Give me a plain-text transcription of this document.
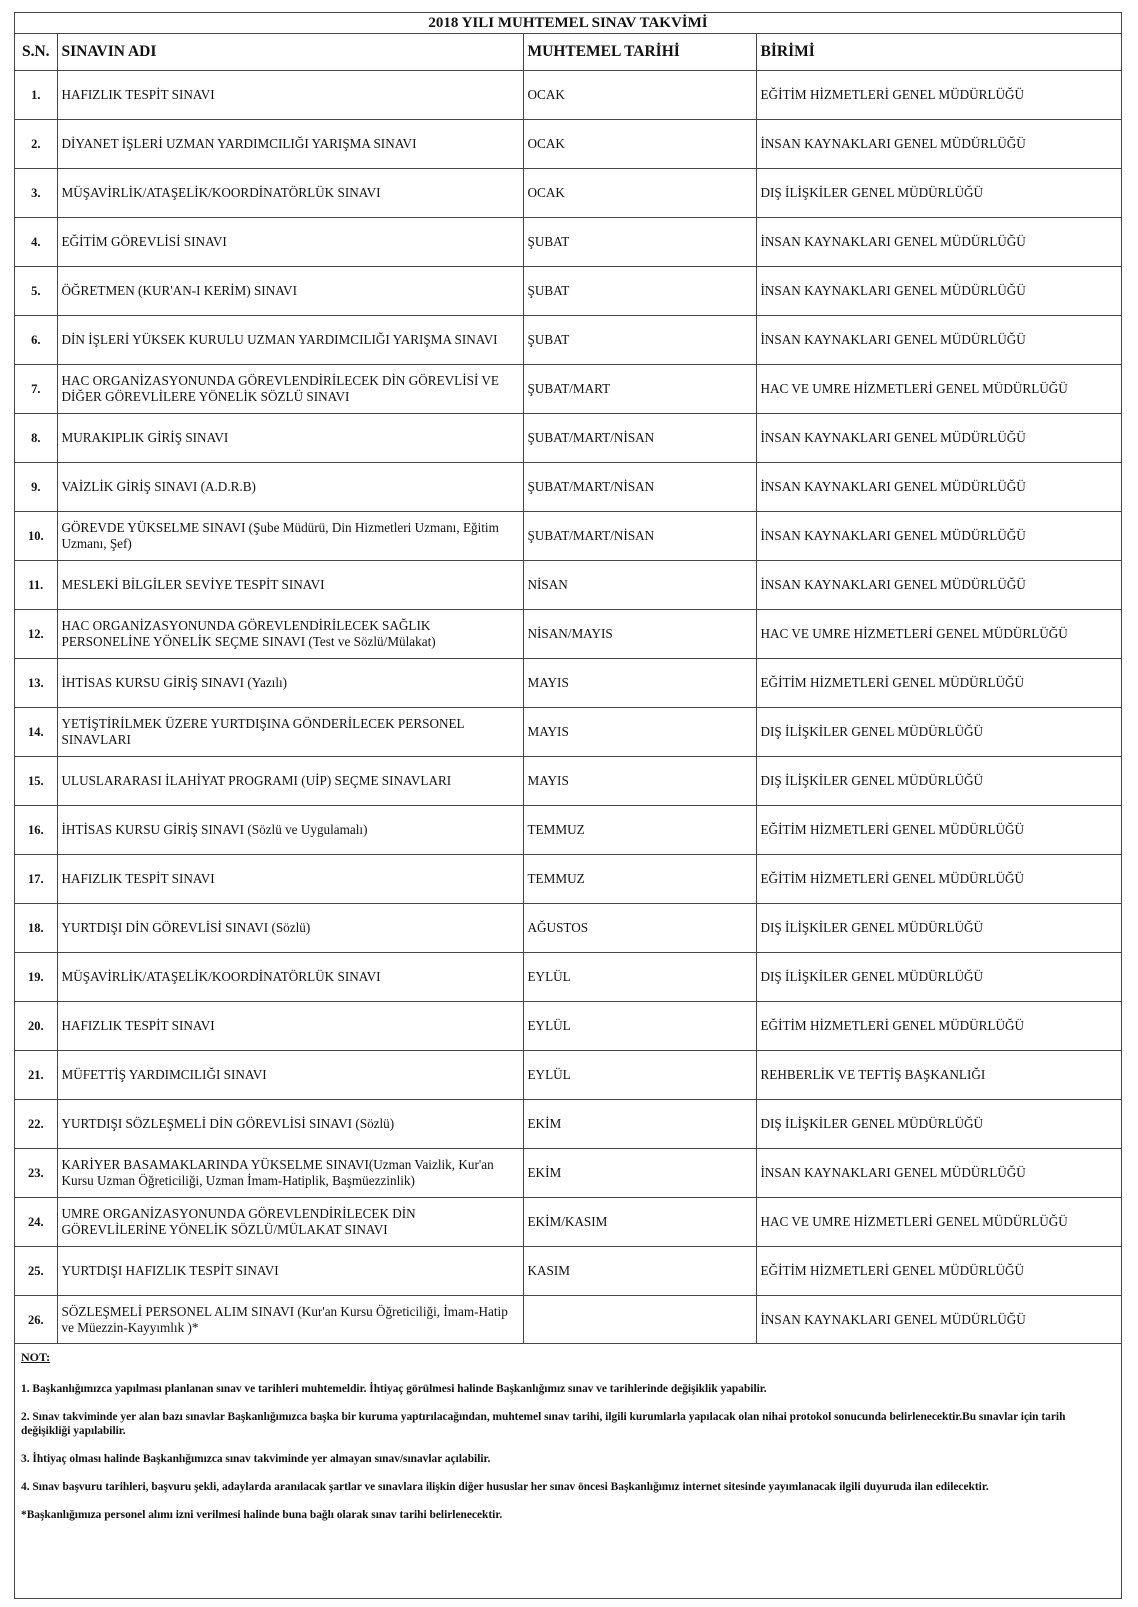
2018 YILI MUHTEMEL SINAV TAKVİMİ			
S.N.	SINAVIN ADI	MUHTEMEL TARİHİ	BİRİMİ
1.	HAFIZLIK TESPİT SINAVI	OCAK	EĞİTİM HİZMETLERİ GENEL MÜDÜRLÜĞÜ
2.	DİYANET İŞLERİ UZMAN YARDIMCILIĞI YARIŞMA SINAVI	OCAK	İNSAN KAYNAKLARI GENEL MÜDÜRLÜĞÜ
3.	MÜŞAVİRLİK/ATAŞELİK/KOORDİNATÖRLÜK SINAVI	OCAK	DIŞ İLİŞKİLER GENEL MÜDÜRLÜĞÜ
4.	EĞİTİM GÖREVLİSİ SINAVI	ŞUBAT	İNSAN KAYNAKLARI GENEL MÜDÜRLÜĞÜ
5.	ÖĞRETMEN (KUR'AN-I KERİM) SINAVI	ŞUBAT	İNSAN KAYNAKLARI GENEL MÜDÜRLÜĞÜ
6.	DİN İŞLERİ YÜKSEK KURULU UZMAN YARDIMCILIĞI YARIŞMA SINAVI	ŞUBAT	İNSAN KAYNAKLARI GENEL MÜDÜRLÜĞÜ
7.	HAC ORGANİZASYONUNDA GÖREVLENDİRİLECEK DİN GÖREVLİSİ VE DİĞER GÖREVLİLERE YÖNELİK SÖZLÜ SINAVI	ŞUBAT/MART	HAC VE UMRE HİZMETLERİ GENEL MÜDÜRLÜĞÜ
8.	MURAKIPLIK GİRİŞ SINAVI	ŞUBAT/MART/NİSAN	İNSAN KAYNAKLARI GENEL MÜDÜRLÜĞÜ
9.	VAİZLİK GİRİŞ SINAVI (A.D.R.B)	ŞUBAT/MART/NİSAN	İNSAN KAYNAKLARI GENEL MÜDÜRLÜĞÜ
10.	GÖREVDE YÜKSELME SINAVI (Şube Müdürü, Din Hizmetleri Uzmanı, Eğitim Uzmanı, Şef)	ŞUBAT/MART/NİSAN	İNSAN KAYNAKLARI GENEL MÜDÜRLÜĞÜ
11.	MESLEKİ BİLGİLER SEVİYE TESPİT SINAVI	NİSAN	İNSAN KAYNAKLARI GENEL MÜDÜRLÜĞÜ
12.	HAC ORGANİZASYONUNDA GÖREVLENDİRİLECEK SAĞLIK PERSONELİNE YÖNELİK SEÇME SINAVI (Test ve Sözlü/Mülakat)	NİSAN/MAYIS	HAC VE UMRE HİZMETLERİ GENEL MÜDÜRLÜĞÜ
13.	İHTİSAS KURSU GİRİŞ SINAVI (Yazılı)	MAYIS	EĞİTİM HİZMETLERİ GENEL MÜDÜRLÜĞÜ
14.	YETİŞTİRİLMEK ÜZERE YURTDIŞINA GÖNDERİLECEK PERSONEL SINAVLARI	MAYIS	DIŞ İLİŞKİLER GENEL MÜDÜRLÜĞÜ
15.	ULUSLARARASI İLAHİYAT PROGRAMI (UİP) SEÇME SINAVLARI	MAYIS	DIŞ İLİŞKİLER GENEL MÜDÜRLÜĞÜ
16.	İHTİSAS KURSU GİRİŞ SINAVI (Sözlü ve Uygulamalı)	TEMMUZ	EĞİTİM HİZMETLERİ GENEL MÜDÜRLÜĞÜ
17.	HAFIZLIK TESPİT SINAVI	TEMMUZ	EĞİTİM HİZMETLERİ GENEL MÜDÜRLÜĞÜ
18.	YURTDIŞI DİN GÖREVLİSİ SINAVI (Sözlü)	AĞUSTOS	DIŞ İLİŞKİLER GENEL MÜDÜRLÜĞÜ
19.	MÜŞAVİRLİK/ATAŞELİK/KOORDİNATÖRLÜK SINAVI	EYLÜL	DIŞ İLİŞKİLER GENEL MÜDÜRLÜĞÜ
20.	HAFIZLIK TESPİT SINAVI	EYLÜL	EĞİTİM HİZMETLERİ GENEL MÜDÜRLÜĞÜ
21.	MÜFETTİŞ YARDIMCILIĞI SINAVI	EYLÜL	REHBERLİK VE TEFTİŞ BAŞKANLIĞI
22.	YURTDIŞI SÖZLEŞMELİ DİN GÖREVLİSİ SINAVI (Sözlü)	EKİM	DIŞ İLİŞKİLER GENEL MÜDÜRLÜĞÜ
23.	KARİYER BASAMAKLARINDA YÜKSELME SINAVI(Uzman Vaizlik, Kur'an Kursu Uzman Öğreticiliği, Uzman İmam-Hatiplik, Başmüezzinlik)	EKİM	İNSAN KAYNAKLARI GENEL MÜDÜRLÜĞÜ
24.	UMRE ORGANİZASYONUNDA GÖREVLENDİRİLECEK DİN GÖREVLİLERİNE YÖNELİK SÖZLÜ/MÜLAKAT SINAVI	EKİM/KASIM	HAC VE UMRE HİZMETLERİ GENEL MÜDÜRLÜĞÜ
25.	YURTDIŞI HAFIZLIK TESPİT SINAVI	KASIM	EĞİTİM HİZMETLERİ GENEL MÜDÜRLÜĞÜ
26.	SÖZLEŞMELİ PERSONEL ALIM SINAVI (Kur'an Kursu Öğreticiliği, İmam-Hatip ve Müezzin-Kayyımlık )*		İNSAN KAYNAKLARI GENEL MÜDÜRLÜĞÜ
NOT:
1. Başkanlığımızca yapılması planlanan sınav ve tarihleri muhtemeldir. İhtiyaç görülmesi halinde Başkanlığımız sınav ve tarihlerinde değişiklik yapabilir.
2. Sınav takviminde yer alan bazı sınavlar Başkanlığımızca başka bir kuruma yaptırılacağından, muhtemel sınav tarihi, ilgili kurumlarla yapılacak olan nihai protokol sonucunda belirlenecektir.Bu sınavlar için tarih değişikliği yapılabilir.
3. İhtiyaç olması halinde Başkanlığımızca sınav takviminde yer almayan sınav/sınavlar açılabilir.
4. Sınav başvuru tarihleri, başvuru şekli, adaylarda aranılacak şartlar ve sınavlara ilişkin diğer hususlar her sınav öncesi Başkanlığımız internet sitesinde yayımlanacak ilgili duyuruda ilan edilecektir.
*Başkanlığımıza personel alımı izni verilmesi halinde buna bağlı olarak sınav tarihi belirlenecektir.
